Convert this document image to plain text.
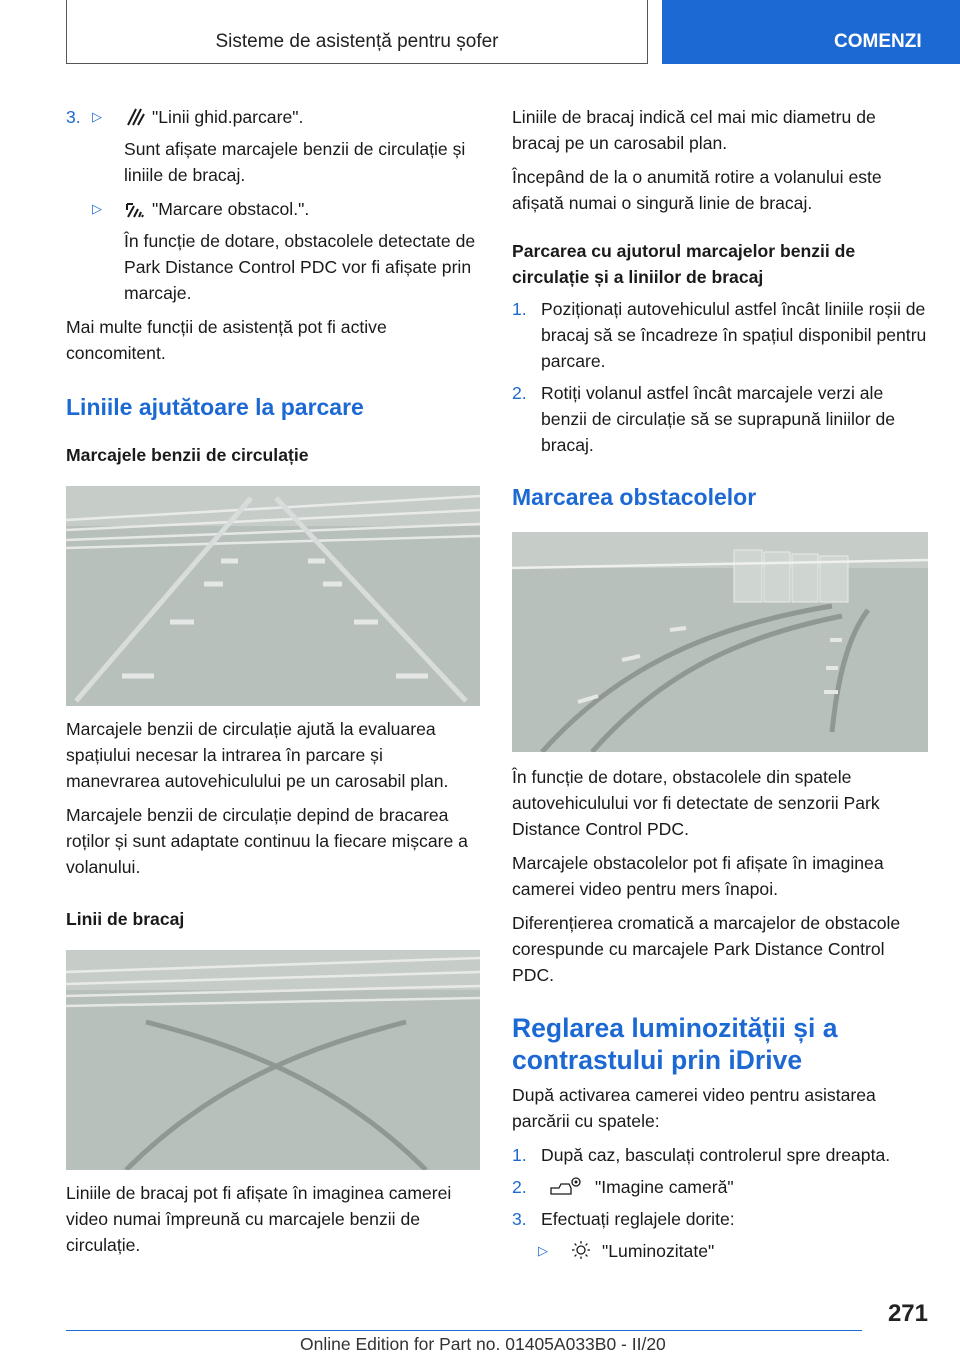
Sisteme de asistență pentru șofer	COMENZI
3. ▷	"Linii ghid.parcare".
Sunt afișate marcajele benzii de circulație și liniile de bracaj.
▷	"Marcare obstacol.".
În funcție de dotare, obstacolele detectate de Park Distance Control PDC vor fi afișate prin marcaje.

Mai multe funcții de asistență pot fi active concomitent.

Liniile ajutătoare la parcare

Marcajele benzii de circulație

Marcajele benzii de circulație ajută la evaluarea spațiului necesar la intrarea în parcare și manevrarea autovehiculului pe un carosabil plan.

Marcajele benzii de circulație depind de bracarea roților și sunt adaptate continuu la fiecare mișcare a volanului.

Linii de bracaj

Liniile de bracaj pot fi afișate în imaginea camerei video numai împreună cu marcajele benzii de circulație.

Liniile de bracaj indică cel mai mic diametru de bracaj pe un carosabil plan.

Începând de la o anumită rotire a volanului este afișată numai o singură linie de bracaj.

Parcarea cu ajutorul marcajelor benzii de circulație și a liniilor de bracaj

1. Poziționați autovehiculul astfel încât liniile roșii de bracaj să se încadreze în spațiul disponibil pentru parcare.
2. Rotiți volanul astfel încât marcajele verzi ale benzii de circulație să se suprapună liniilor de bracaj.

Marcarea obstacolelor

În funcție de dotare, obstacolele din spatele autovehiculului vor fi detectate de senzorii Park Distance Control PDC.

Marcajele obstacolelor pot fi afișate în imaginea camerei video pentru mers înapoi.

Diferențierea cromatică a marcajelor de obstacole corespunde cu marcajele Park Distance Control PDC.

Reglarea luminozității și a contrastului prin iDrive

După activarea camerei video pentru asistarea parcării cu spatele:

1. După caz, basculați controlerul spre dreapta.
2.	"Imagine cameră"
3. Efectuați reglajele dorite:
▷	"Luminozitate"
271
Online Edition for Part no. 01405A033B0 - II/20
